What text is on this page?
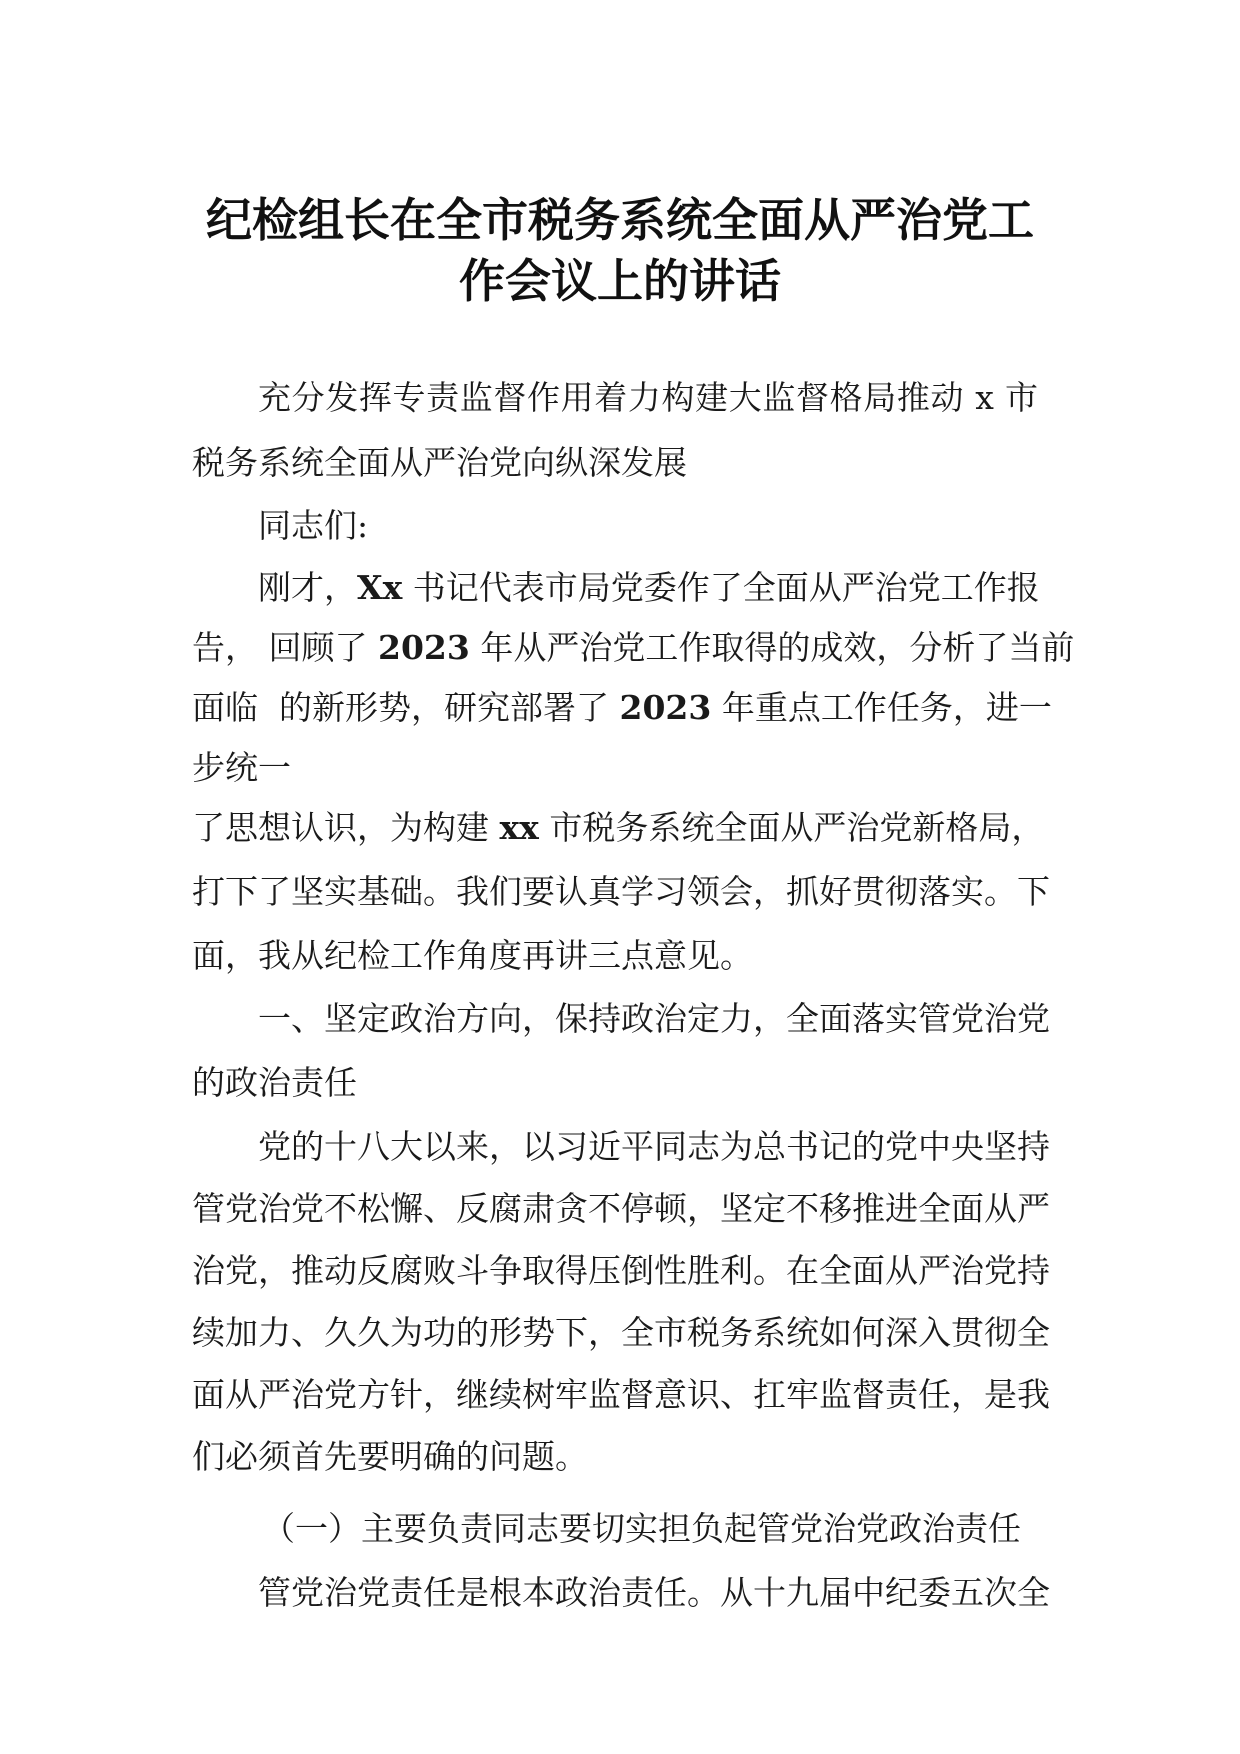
纪检组长在全市税务系统全面从严治党工
作会议上的讲话
充分发挥专责监督作用着力构建大监督格局推动 x 市
税务系统全面从严治党向纵深发展
同志们:
刚才，Xx 书记代表市局党委作了全面从严治党工作报
告， 回顾了 2023 年从严治党工作取得的成效，分析了当前
面临  的新形势，研究部署了 2023 年重点工作任务，进一
步统一
了思想认识，为构建 xx 市税务系统全面从严治党新格局，
打下了坚实基础。我们要认真学习领会，抓好贯彻落实。下
面，我从纪检工作角度再讲三点意见。
一、坚定政治方向，保持政治定力，全面落实管党治党
的政治责任
党的十八大以来，以习近平同志为总书记的党中央坚持
管党治党不松懈、反腐肃贪不停顿，坚定不移推进全面从严
治党，推动反腐败斗争取得压倒性胜利。在全面从严治党持
续加力、久久为功的形势下，全市税务系统如何深入贯彻全
面从严治党方针，继续树牢监督意识、扛牢监督责任，是我
们必须首先要明确的问题。
（一）主要负责同志要切实担负起管党治党政治责任
管党治党责任是根本政治责任。从十九届中纪委五次全
